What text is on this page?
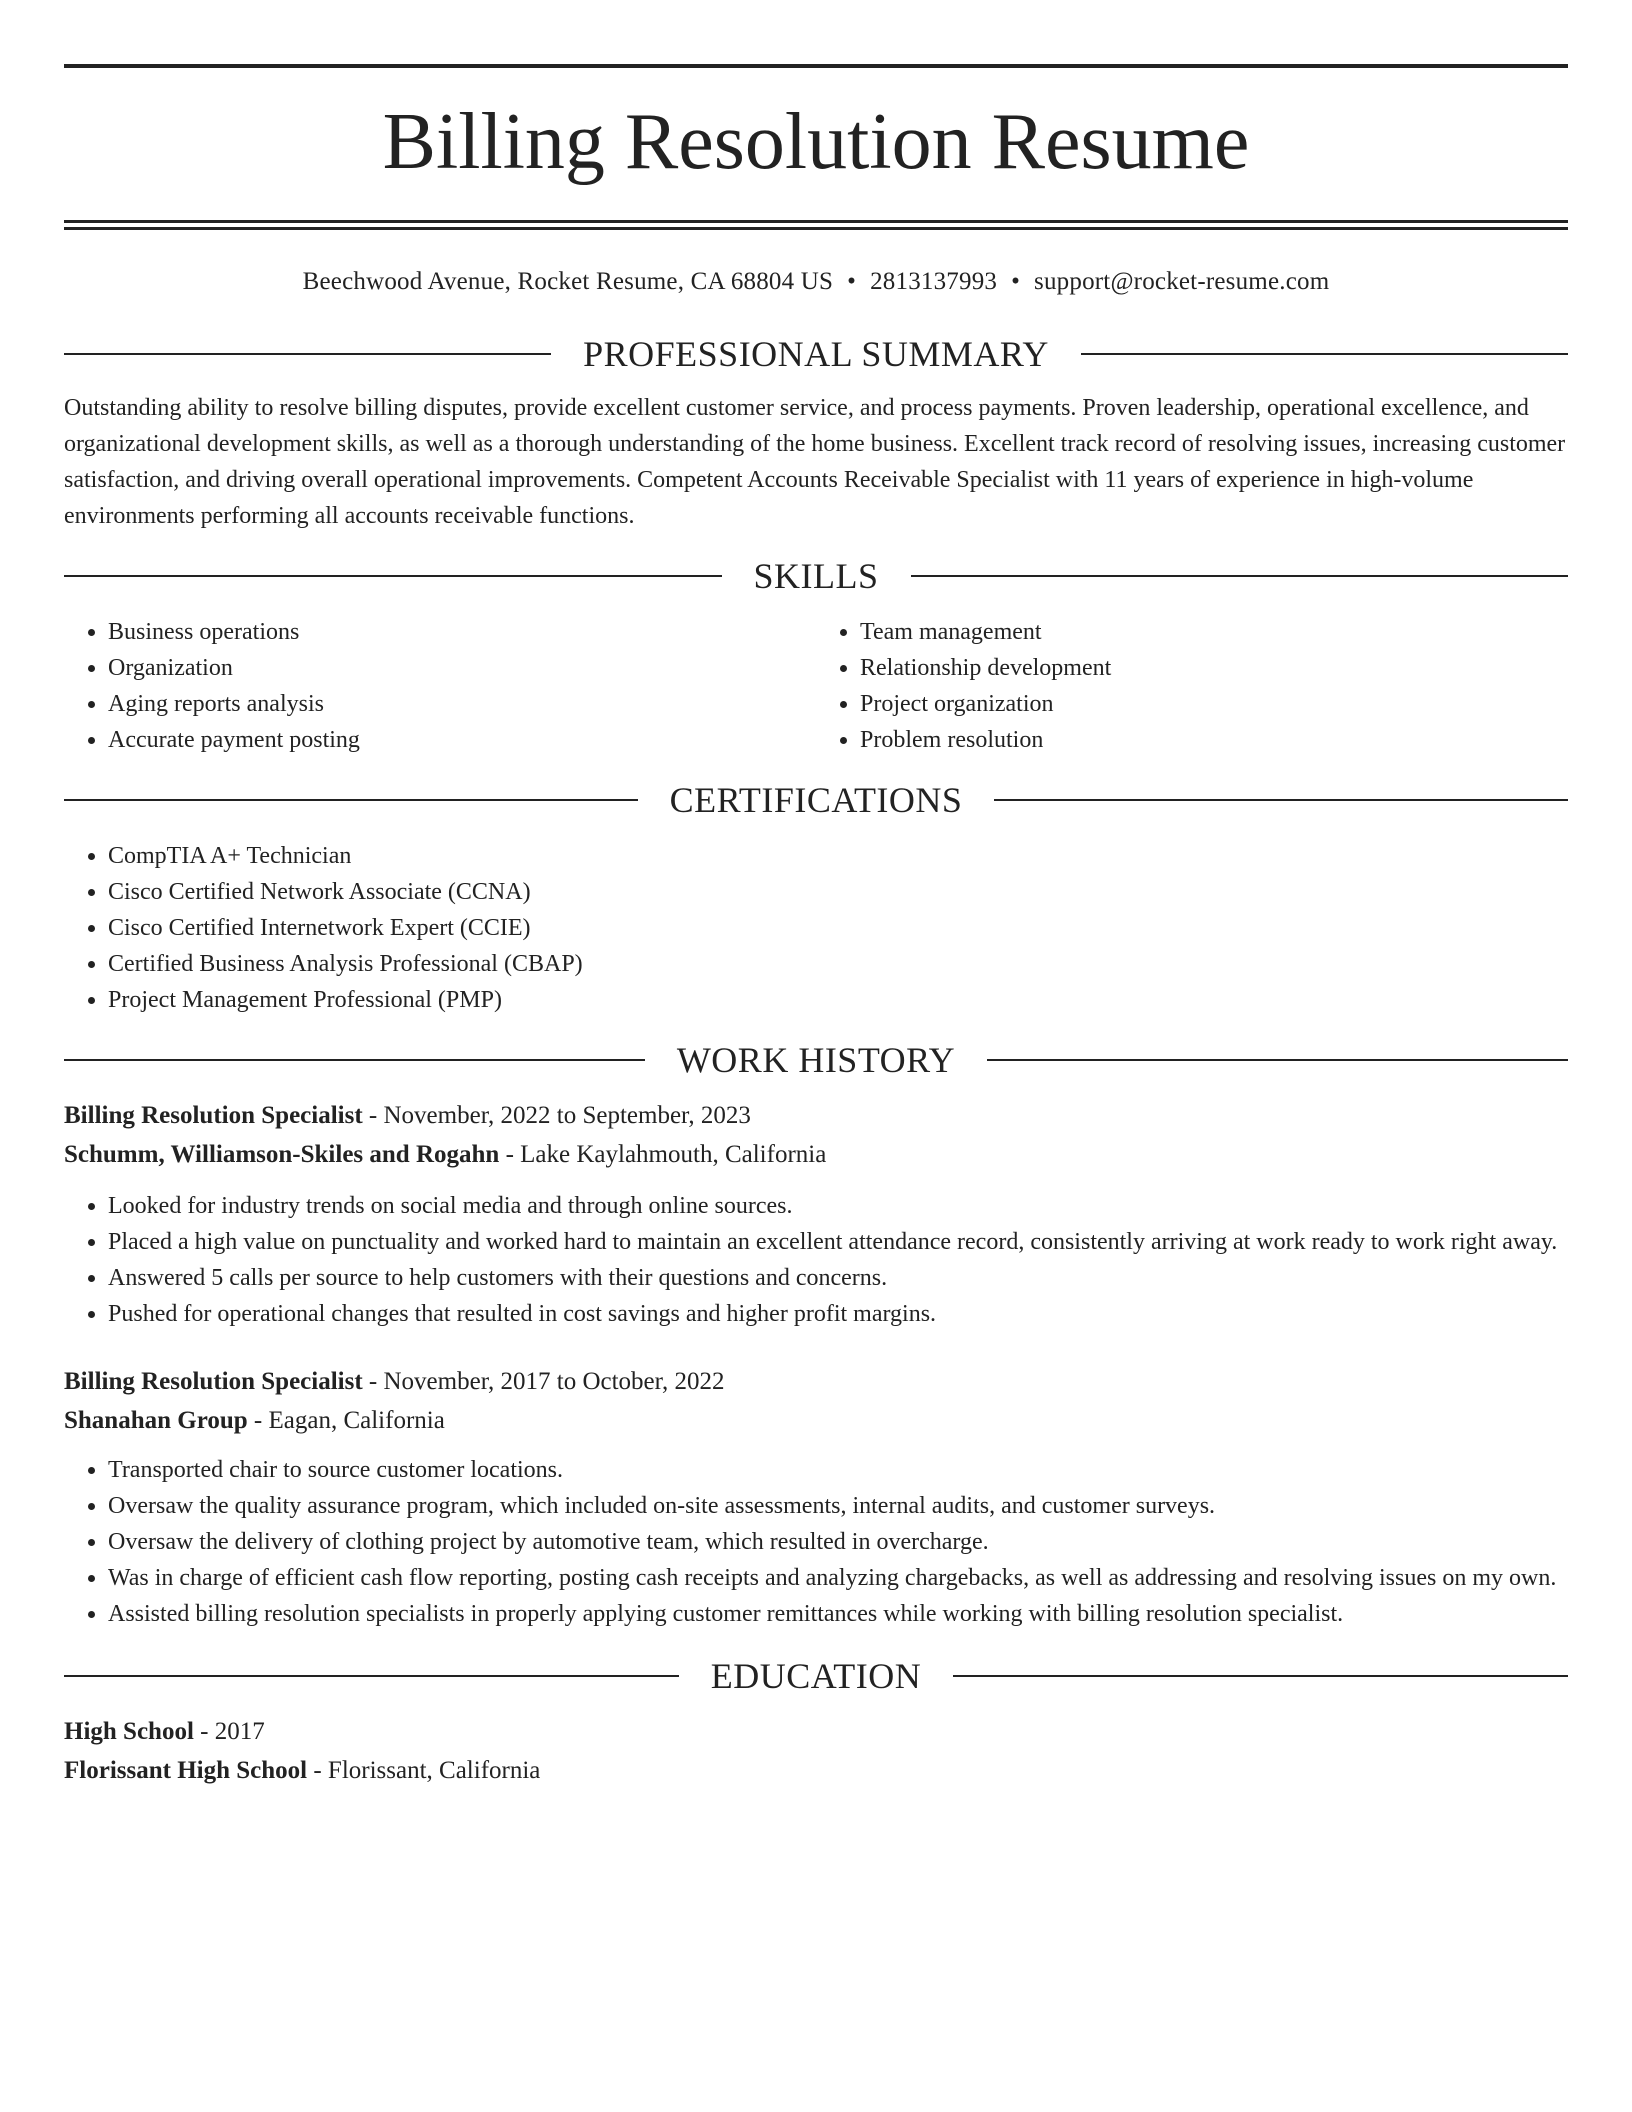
Billing Resolution Resume
Beechwood Avenue, Rocket Resume, CA 68804 US • 2813137993 • support@rocket-resume.com
PROFESSIONAL SUMMARY

Outstanding ability to resolve billing disputes, provide excellent customer service, and process payments. Proven leadership, operational excellence, and organizational development skills, as well as a thorough understanding of the home business. Excellent track record of resolving issues, increasing customer satisfaction, and driving overall operational improvements. Competent Accounts Receivable Specialist with 11 years of experience in high-volume environments performing all accounts receivable functions.

SKILLS
• Business operations
• Organization
• Aging reports analysis
• Accurate payment posting
• Team management
• Relationship development
• Project organization
• Problem resolution
CERTIFICATIONS
• CompTIA A+ Technician
• Cisco Certified Network Associate (CCNA)
• Cisco Certified Internetwork Expert (CCIE)
• Certified Business Analysis Professional (CBAP)
• Project Management Professional (PMP)
WORK HISTORY

Billing Resolution Specialist - November, 2022 to September, 2023

Schumm, Williamson-Skiles and Rogahn - Lake Kaylahmouth, California

• Looked for industry trends on social media and through online sources.
• Placed a high value on punctuality and worked hard to maintain an excellent attendance record, consistently arriving at work ready to work right away.
• Answered 5 calls per source to help customers with their questions and concerns.
• Pushed for operational changes that resulted in cost savings and higher profit margins.

Billing Resolution Specialist - November, 2017 to October, 2022

Shanahan Group - Eagan, California

• Transported chair to source customer locations.
• Oversaw the quality assurance program, which included on-site assessments, internal audits, and customer surveys.
• Oversaw the delivery of clothing project by automotive team, which resulted in overcharge.
• Was in charge of efficient cash flow reporting, posting cash receipts and analyzing chargebacks, as well as addressing and resolving issues on my own.
• Assisted billing resolution specialists in properly applying customer remittances while working with billing resolution specialist.
EDUCATION

High School - 2017

Florissant High School - Florissant, California
